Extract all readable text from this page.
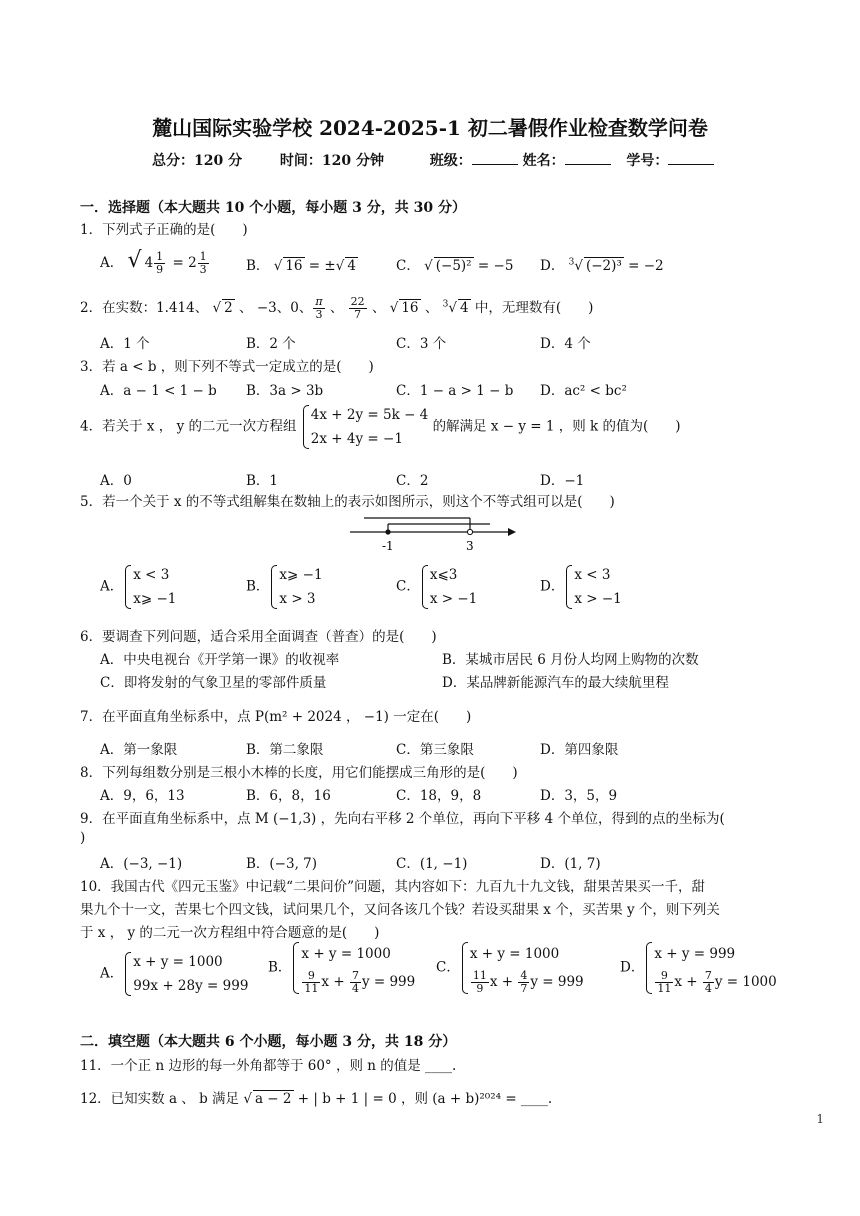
麓山国际实验学校 2024-2025-1 初二暑假作业检查数学问卷
总分：120 分	时间：120 分钟	班级：	姓名：	学号：
一．选择题（本大题共 10 个小题，每小题 3 分，共 30 分）
1．下列式子正确的是(　　)
A． √ $4 \frac{1}{9} = 2 \frac{1}{3}$	B． √ 16 = ±√ 4	C． √ (−5)² = −5 D． $^3$√ (−2)³ = −2
2．在实数：1.414、 √ 2 、 −3、0、 $\frac{\pi}{3}$ 、 $\frac{22}{7}$ 、 √ 16 、 $^3$√ 4 中，无理数有(　　)
A．1 个	B．2 个	C．3 个	D．4 个
3．若 a < b ，则下列不等式一定成立的是(　　)
A．a − 1 < 1 − b B．3a > 3b	C．1 − a > 1 − b D．ac² < bc²
4．若关于 x ， y 的二元一次方程组
4x + 2y = 5k − 4
2x + 4y = −1
的解满足 x − y = 1 ，则 k 的值为(　　)
A．0	B．1	C．2	D．−1
5．若一个关于 x 的不等式组解集在数轴上的表示如图所示，则这个不等式组可以是(　　)
-1	3
A．
x < 3
x⩾ −1
B．
x⩾ −1
x > 3
C．
x⩽3
x > −1
D．
x < 3
x > −1
6．要调查下列问题，适合采用全面调查（普查）的是(　　)
A．中央电视台《开学第一课》的收视率	B．某城市居民 6 月份人均网上购物的次数
C．即将发射的气象卫星的零部件质量	D．某品牌新能源汽车的最大续航里程
7．在平面直角坐标系中，点 P(m² + 2024 ， −1) 一定在(　　)
A．第一象限	B．第二象限	C．第三象限	D．第四象限
8．下列每组数分别是三根小木棒的长度，用它们能摆成三角形的是(　　)
A．9，6，13	B．6，8，16	C．18，9，8	D．3，5，9
9．在平面直角坐标系中，点 M (−1,3) ，先向右平移 2 个单位，再向下平移 4 个单位，得到的点的坐标为(
)
A．(−3, −1)	B．(−3, 7)	C．(1, −1)	D．(1, 7)
10．我国古代《四元玉鉴》中记载“二果问价”问题，其内容如下：九百九十九文钱，甜果苦果买一千，甜
果九个十一文，苦果七个四文钱，试问果几个，又问各该几个钱？若设买甜果 x 个，买苦果 y 个，则下列关
于 x ， y 的二元一次方程组中符合题意的是(　　)
A．
x + y = 1000
99x + 28y = 999
B．
x + y = 1000
$\frac{9}{11}$ $x + \frac{7}{4}$ y = 999
C．
x + y = 1000
$\frac{11}{9}$ $x + \frac{4}{7}$ y = 999
D．
x + y = 999
$\frac{9}{11}$ $x + \frac{7}{4}$ y = 1000
二．填空题（本大题共 6 个小题，每小题 3 分，共 18 分）
11．一个正 n 边形的每一外角都等于 60° ，则 n 的值是 ____.
12．已知实数 a 、 b 满足 √ a − 2 + | b + 1 | = 0 ，则 (a + b)²⁰²⁴ = ____.
1
